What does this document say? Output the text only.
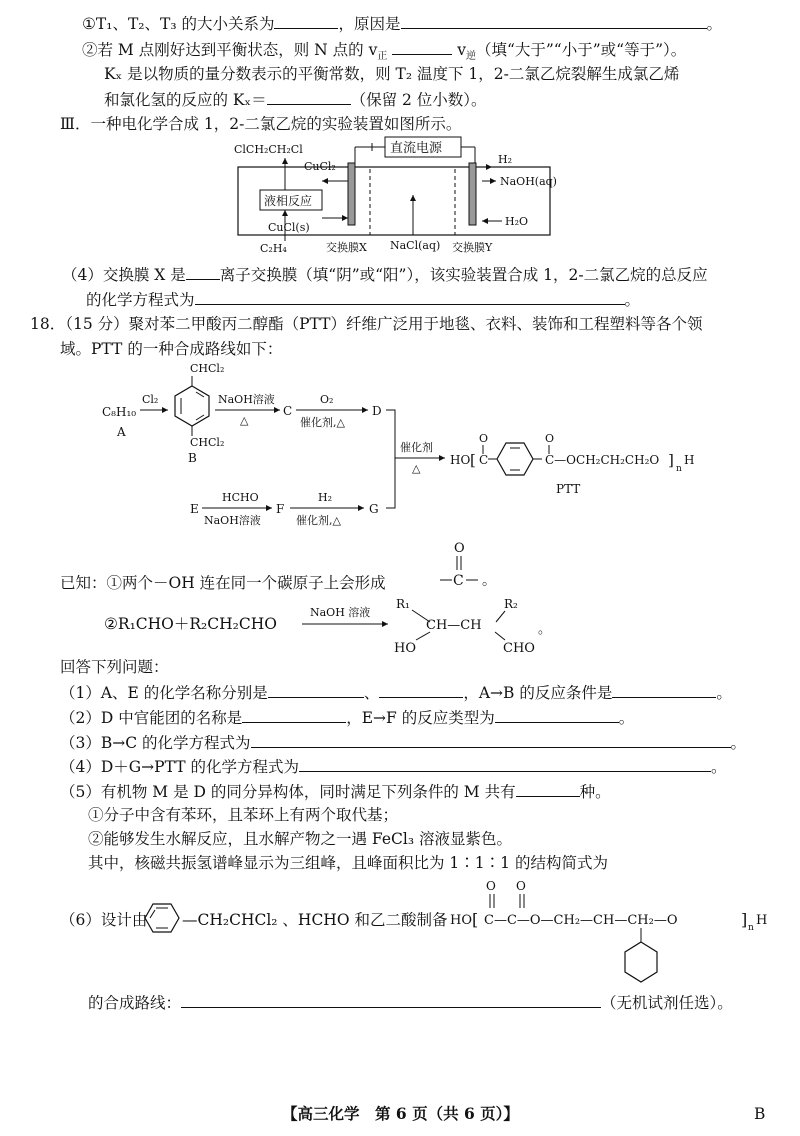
①T₁、T₂、T₃ 的大小关系为	，原因是	。
②若 M 点刚好达到平衡状态，则 N 点的 $v_正$	$v_逆$（填“大于”“小于”或“等于”）。
Kₓ 是以物质的量分数表示的平衡常数，则 T₂ 温度下 1，2-二氯乙烷裂解生成氯乙烯
和氯化氢的反应的 Kₓ＝	（保留 2 位小数）。
Ⅲ．一种电化学合成 1，2-二氯乙烷的实验装置如图所示。
直流电源
ClCH₂CH₂Cl
CuCl₂
液相反应
CuCl(s)
C₂H₄	交换膜X NaCl(aq) 交换膜Y
H₂
NaOH(aq)
H₂O
（4）交换膜 X 是 离子交换膜（填“阴”或“阳”），该实验装置合成 1，2-二氯乙烷的总反应
的化学方程式为	。
18．（15 分）聚对苯二甲酸丙二醇酯（PTT）纤维广泛用于地毯、衣料、装饰和工程塑料等各个领
域。PTT 的一种合成路线如下：
C₈H₁₀
A
Cl₂
CHCl₂
CHCl₂
B
NaOH溶液
△
C
O₂
催化剂,△
D
催化剂
△
HO [ C
O	O
C—OCH₂CH₂CH₂O ] n
H
PTT
E
HCHO
NaOH溶液
F
H₂
催化剂,△
G
已知：①两个－OH 连在同一个碳原子上会形成
O
C 。
②R₁CHO＋R₂CH₂CHO
NaOH 溶液
R₁
CH—CH
R₂
HO	CHO
。
回答下列问题：
（1）A、E 的化学名称分别是	、	，A→B 的反应条件是	。
（2）D 中官能团的名称是	，E→F 的反应类型为	。
（3）B→C 的化学方程式为	。
（4）D＋G→PTT 的化学方程式为	。
（5）有机物 M 是 D 的同分异构体，同时满足下列条件的 M 共有	种。
①分子中含有苯环，且苯环上有两个取代基；
②能够发生水解反应，且水解产物之一遇 FeCl₃ 溶液显紫色。
其中，核磁共振氢谱峰显示为三组峰，且峰面积比为 1∶1∶1 的结构简式为
（6）设计由 —CH₂CHCl₂ 、HCHO 和乙二酸制备 HO [
O O
C—C—O—CH₂—CH—CH₂—O	] n H
的合成路线：	（无机试剂任选）。
【高三化学　第 6 页（共 6 页）】	B
